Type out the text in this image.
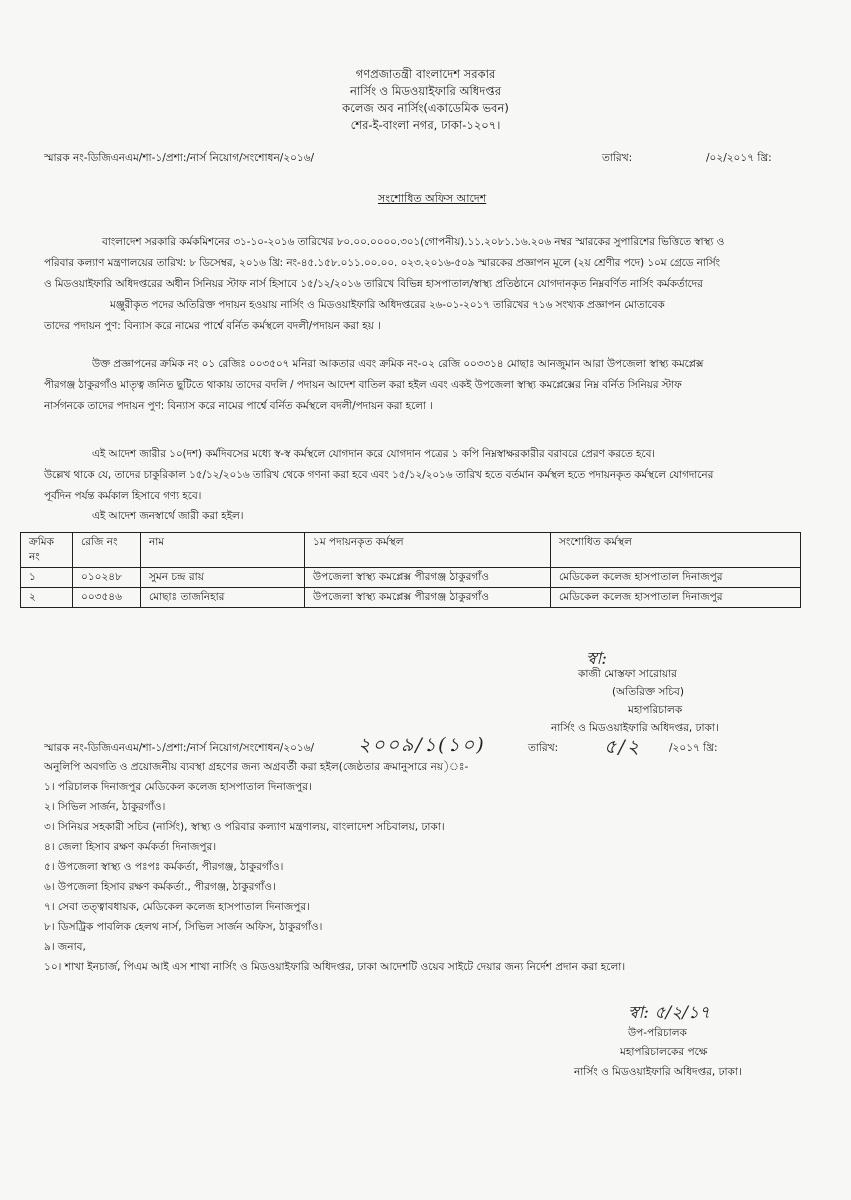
গণপ্রজাতন্ত্রী বাংলাদেশ সরকার
নার্সিং ও মিডওয়াইফারি অধিদপ্তর
কলেজ অব নার্সিং(একাডেমিক ভবন)
শের-ই-বাংলা নগর, ঢাকা-১২০৭।
স্মারক নং-ডিজিএনএম/শা-১/প্রশা:/নার্স নিয়োগ/সংশোধন/২০১৬/	তারিখ:	/০২/২০১৭ খ্রি:
সংশোধিত অফিস আদেশ
বাংলাদেশ সরকারি কর্মকমিশনের ৩১-১০-২০১৬ তারিখের ৮০.০০.০০০০.৩০১(গোপনীয়).১১.২০৮১.১৬.২০৬ নম্বর স্মারকের সুপারিশের ভিত্তিতে স্বাস্থ্য ও
পরিবার কল্যাণ মন্ত্রণালয়ের তারিখ: ৮ ডিসেম্বর, ২০১৬ খ্রি: নং-৪৫.১৫৮.০১১.০০.০০. ০২৩.২০১৬-৫০৯ স্মারকের প্রজ্ঞাপন মূলে (২য় শ্রেণীর পদে) ১০ম গ্রেডে নার্সিং
ও মিডওয়াইফারি অধিদপ্তরের অধীন সিনিয়র স্টাফ নার্স হিসাবে ১৫/১২/২০১৬ তারিখে বিভিন্ন হাসপাতাল/স্বাস্থ্য প্রতিষ্ঠানে যোগদানকৃত নিম্নবর্ণিত নার্সিং কর্মকর্তাদের
মঞ্জুরীকৃত পদের অতিরিক্ত পদায়ন হওয়ায় নার্সিং ও মিডওয়াইফারি অধিদপ্তরের ২৬-০১-২০১৭ তারিখের ৭১৬ সংখ্যক প্রজ্ঞাপন মোতাবেক
তাদের পদায়ন পুণ: বিন্যাস করে নামের পার্শ্বে বর্নিত কর্মস্থলে বদলী/পদায়ন করা হয় ।
উক্ত প্রজ্ঞাপনের ক্রমিক নং ০১ রেজিঃ ০০৩৫০৭ মনিরা আকতার এবং ক্রমিক নং-০২ রেজি ০০৩৩১৪ মোছাঃ আনজুমান আরা উপজেলা স্বাস্থ্য কমপ্লেক্স
পীরগঞ্জ ঠাকুরগাঁও মাতৃত্ব জনিত ছুটিতে থাকায় তাদের বদলি / পদায়ন আদেশ বাতিল করা হইল এবং একই উপজেলা স্বাস্থ্য কমপ্লেক্সের নিম্ন বর্নিত সিনিয়র স্টাফ
নার্সগনকে তাদের পদায়ন পুণ: বিন্যাস করে নামের পার্শ্বে বর্নিত কর্মস্থলে বদলী/পদায়ন করা হলো ।
এই আদেশ জারীর ১০(দশ) কর্মদিবসের মধ্যে স্ব-স্ব কর্মস্থলে যোগদান করে যোগদান পত্রের ১ কপি নিম্নস্বাক্ষরকারীর বরাবরে প্রেরণ করতে হবে।
উল্লেখ থাকে যে, তাদের চাকুরিকাল ১৫/১২/২০১৬ তারিখ থেকে গণনা করা হবে এবং ১৫/১২/২০১৬ তারিখ হতে বর্তমান কর্মস্থল হতে পদায়নকৃত কর্মস্থলে যোগদানের
পূর্বদিন পর্যন্ত কর্মকাল হিসাবে গণ্য হবে।
এই আদেশ জনস্বার্থে জারী করা হইল।
ক্রমিক নং	রেজি নং	নাম	১ম পদায়নকৃত কর্মস্থল	সংশোধিত কর্মস্থল
১	০১০২৪৮	সুমন চন্দ্র রায়	উপজেলা স্বাস্থ্য কমপ্লেক্স পীরগঞ্জ ঠাকুরগাঁও	মেডিকেল কলেজ হাসপাতাল দিনাজপুর
২	০০৩৫৪৬	মোছাঃ তাজনিহার	উপজেলা স্বাস্থ্য কমপ্লেক্স পীরগঞ্জ ঠাকুরগাঁও	মেডিকেল কলেজ হাসপাতাল দিনাজপুর
স্বা:
কাজী মোস্তফা সারোয়ার
(অতিরিক্ত সচিব)
মহাপরিচালক
নার্সিং ও মিডওয়াইফারি অধিদপ্তর, ঢাকা।
স্মারক নং-ডিজিএনএম/শা-১/প্রশা:/নার্স নিয়োগ/সংশোধন/২০১৬/ ২০০৯/১(১০)	তারিখ: ৫/২	/২০১৭ খ্রি:
অনুলিপি অবগতি ও প্রয়োজনীয় ব্যবস্থা গ্রহণের জন্য অগ্রবর্তী করা হইল(জেষ্ঠতার ক্রমানুসারে নয়)ঃ-
১। পরিচালক দিনাজপুর মেডিকেল কলেজ হাসপাতাল দিনাজপুর।
২। সিভিল সার্জন, ঠাকুরগাঁও।
৩। সিনিয়র সহকারী সচিব (নার্সিং), স্বাস্থ্য ও পরিবার কল্যাণ মন্ত্রণালয়, বাংলাদেশ সচিবালয়, ঢাকা।
৪। জেলা হিসাব রক্ষণ কর্মকর্তা দিনাজপুর।
৫। উপজেলা স্বাস্থ্য ও পঃপঃ কর্মকর্তা, পীরগঞ্জ, ঠাকুরগাঁও।
৬। উপজেলা হিসাব রক্ষণ কর্মকর্তা., পীরগঞ্জ, ঠাকুরগাঁও।
৭। সেবা তত্ত্বাবধায়ক, মেডিকেল কলেজ হাসপাতাল দিনাজপুর।
৮। ডিসট্রিক পাবলিক হেলথ নার্স, সিভিল সার্জন অফিস, ঠাকুরগাঁও।
৯। জনাব,
১০। শাখা ইনচার্জ, পিএম আই এস শাখা নার্সিং ও মিডওয়াইফারি অধিদপ্তর, ঢাকা আদেশটি ওয়েব সাইটে দেয়ার জন্য নির্দেশ প্রদান করা হলো।
স্বা: ৫/২/১৭
উপ-পরিচালক
মহাপরিচালকের পক্ষে
নার্সিং ও মিডওয়াইফারি অধিদপ্তর, ঢাকা।
